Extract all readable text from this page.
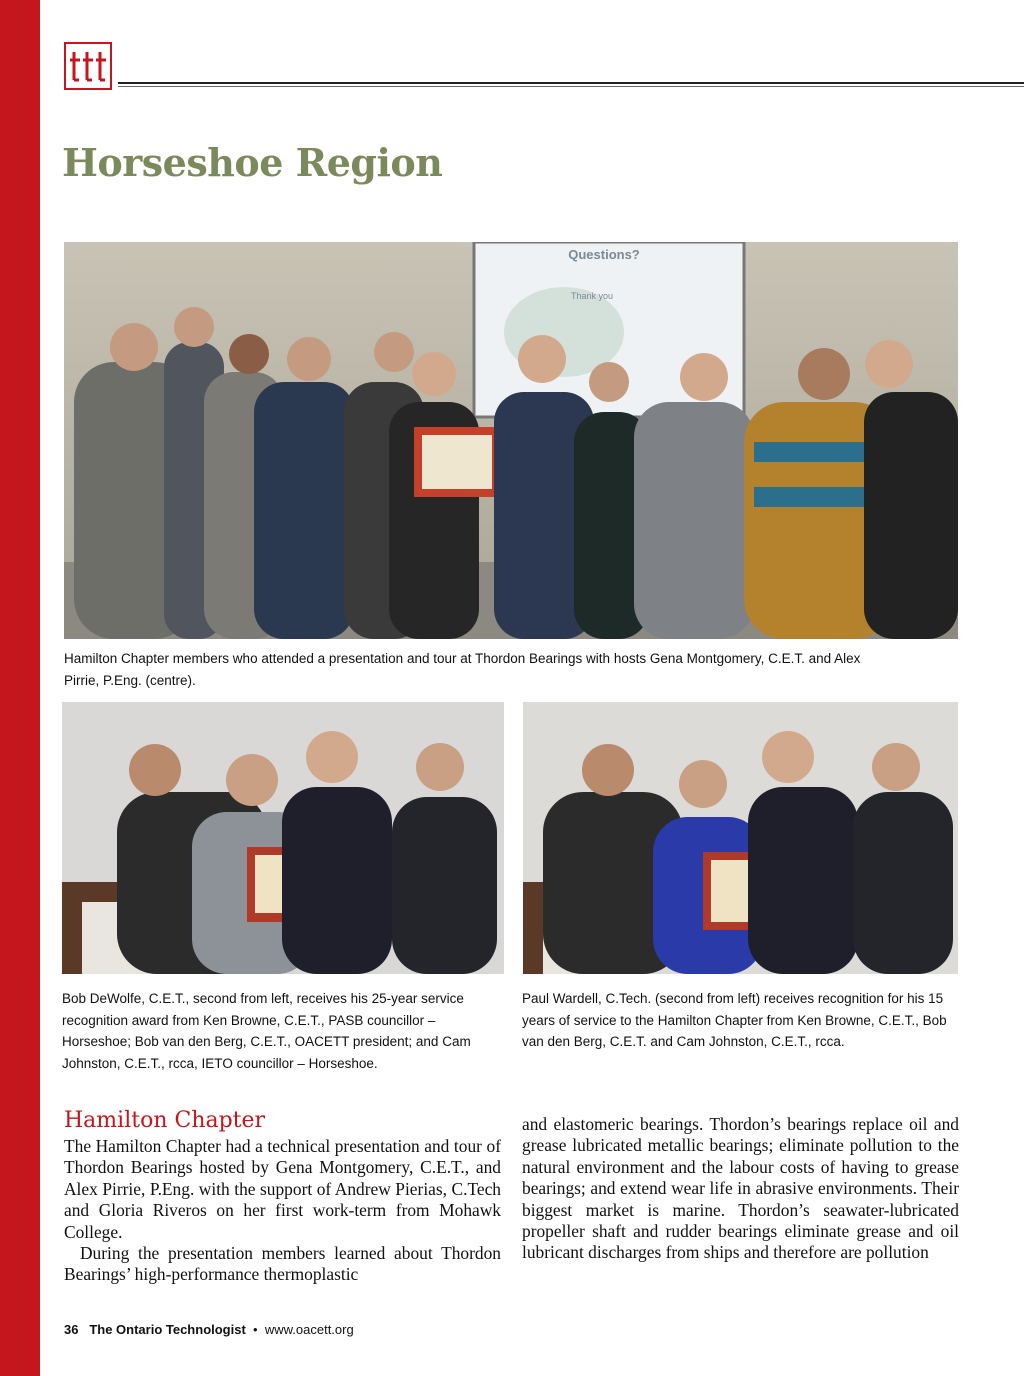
Horseshoe Region
Questions?
Thank you
Hamilton Chapter members who attended a presentation and tour at Thordon Bearings with hosts Gena Montgomery, C.E.T. and Alex Pirrie, P.Eng. (centre).
Bob DeWolfe, C.E.T., second from left, receives his 25-year service recognition award from Ken Browne, C.E.T., PASB councillor – Horseshoe; Bob van den Berg, C.E.T., OACETT president; and Cam Johnston, C.E.T., rcca, IETO councillor – Horseshoe.
Paul Wardell, C.Tech. (second from left) receives recognition for his 15 years of service to the Hamilton Chapter from Ken Browne, C.E.T., Bob van den Berg, C.E.T. and Cam Johnston, C.E.T., rcca.
Hamilton Chapter

The Hamilton Chapter had a technical presentation and tour of Thordon Bearings hosted by Gena Montgomery, C.E.T., and Alex Pirrie, P.Eng. with the support of Andrew Pierias, C.Tech and Gloria Riveros on her first work-term from Mohawk College.

During the presentation members learned about Thordon Bearings’ high-performance thermoplastic

and elastomeric bearings. Thordon’s bearings replace oil and grease lubricated metallic bearings; eliminate pollution to the natural environment and the labour costs of having to grease bearings; and extend wear life in abrasive environments. Their biggest market is marine. Thordon’s seawater-lubricated propeller shaft and rudder bearings eliminate grease and oil lubricant discharges from ships and therefore are pollution

36 The Ontario Technologist • www.oacett.org
